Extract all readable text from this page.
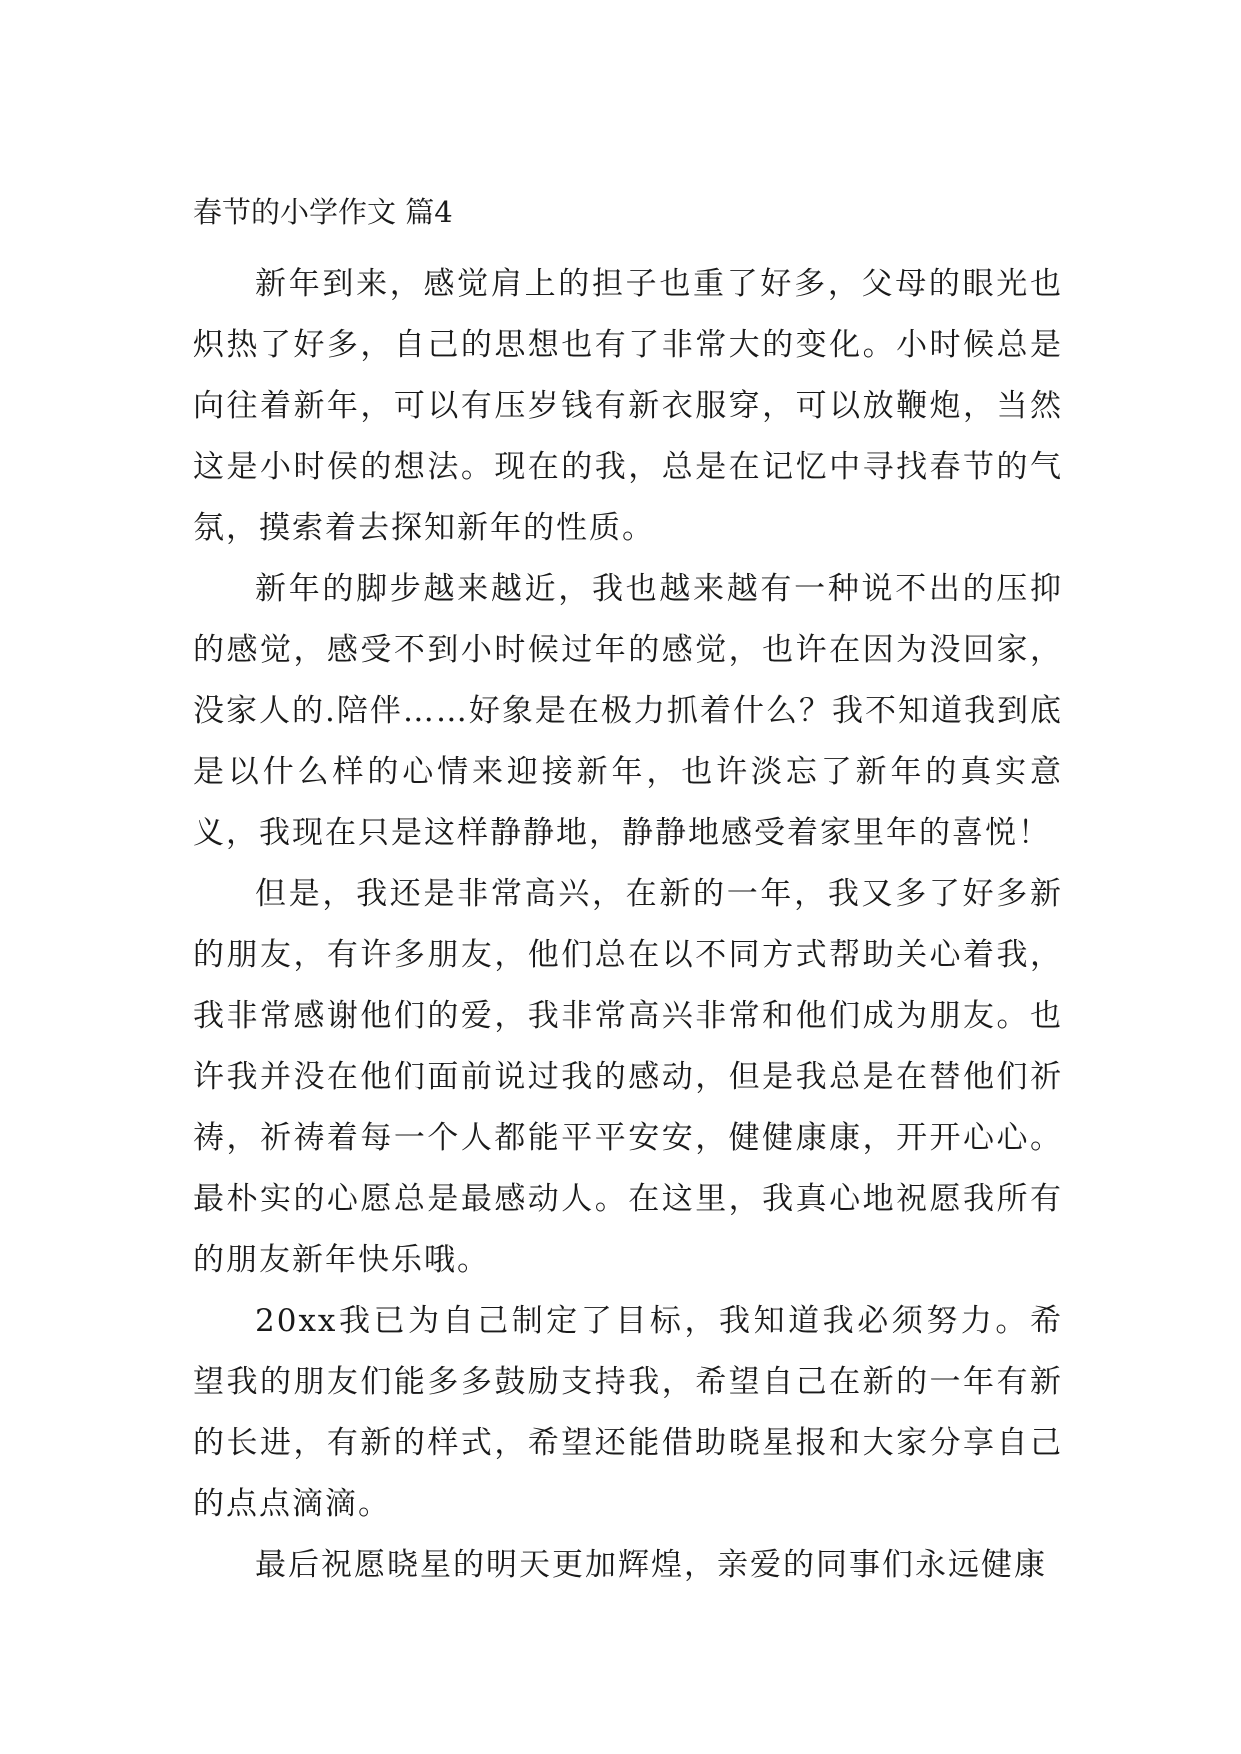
春节的小学作文 篇4

新年到来，感觉肩上的担子也重了好多，父母的眼光也炽热了好多，自己的思想也有了非常大的变化。小时候总是向往着新年，可以有压岁钱有新衣服穿，可以放鞭炮，当然这是小时侯的想法。现在的我，总是在记忆中寻找春节的气氛，摸索着去探知新年的性质。

新年的脚步越来越近，我也越来越有一种说不出的压抑的感觉，感受不到小时候过年的感觉，也许在因为没回家，没家人的.陪伴……好象是在极力抓着什么？我不知道我到底是以什么样的心情来迎接新年，也许淡忘了新年的真实意义，我现在只是这样静静地，静静地感受着家里年的喜悦！

但是，我还是非常高兴，在新的一年，我又多了好多新的朋友，有许多朋友，他们总在以不同方式帮助关心着我，我非常感谢他们的爱，我非常高兴非常和他们成为朋友。也许我并没在他们面前说过我的感动，但是我总是在替他们祈祷，祈祷着每一个人都能平平安安，健健康康，开开心心。最朴实的心愿总是最感动人。在这里，我真心地祝愿我所有的朋友新年快乐哦。

20xx我已为自己制定了目标，我知道我必须努力。希望我的朋友们能多多鼓励支持我，希望自己在新的一年有新的长进，有新的样式，希望还能借助晓星报和大家分享自己的点点滴滴。

最后祝愿晓星的明天更加辉煌，亲爱的同事们永远健康
